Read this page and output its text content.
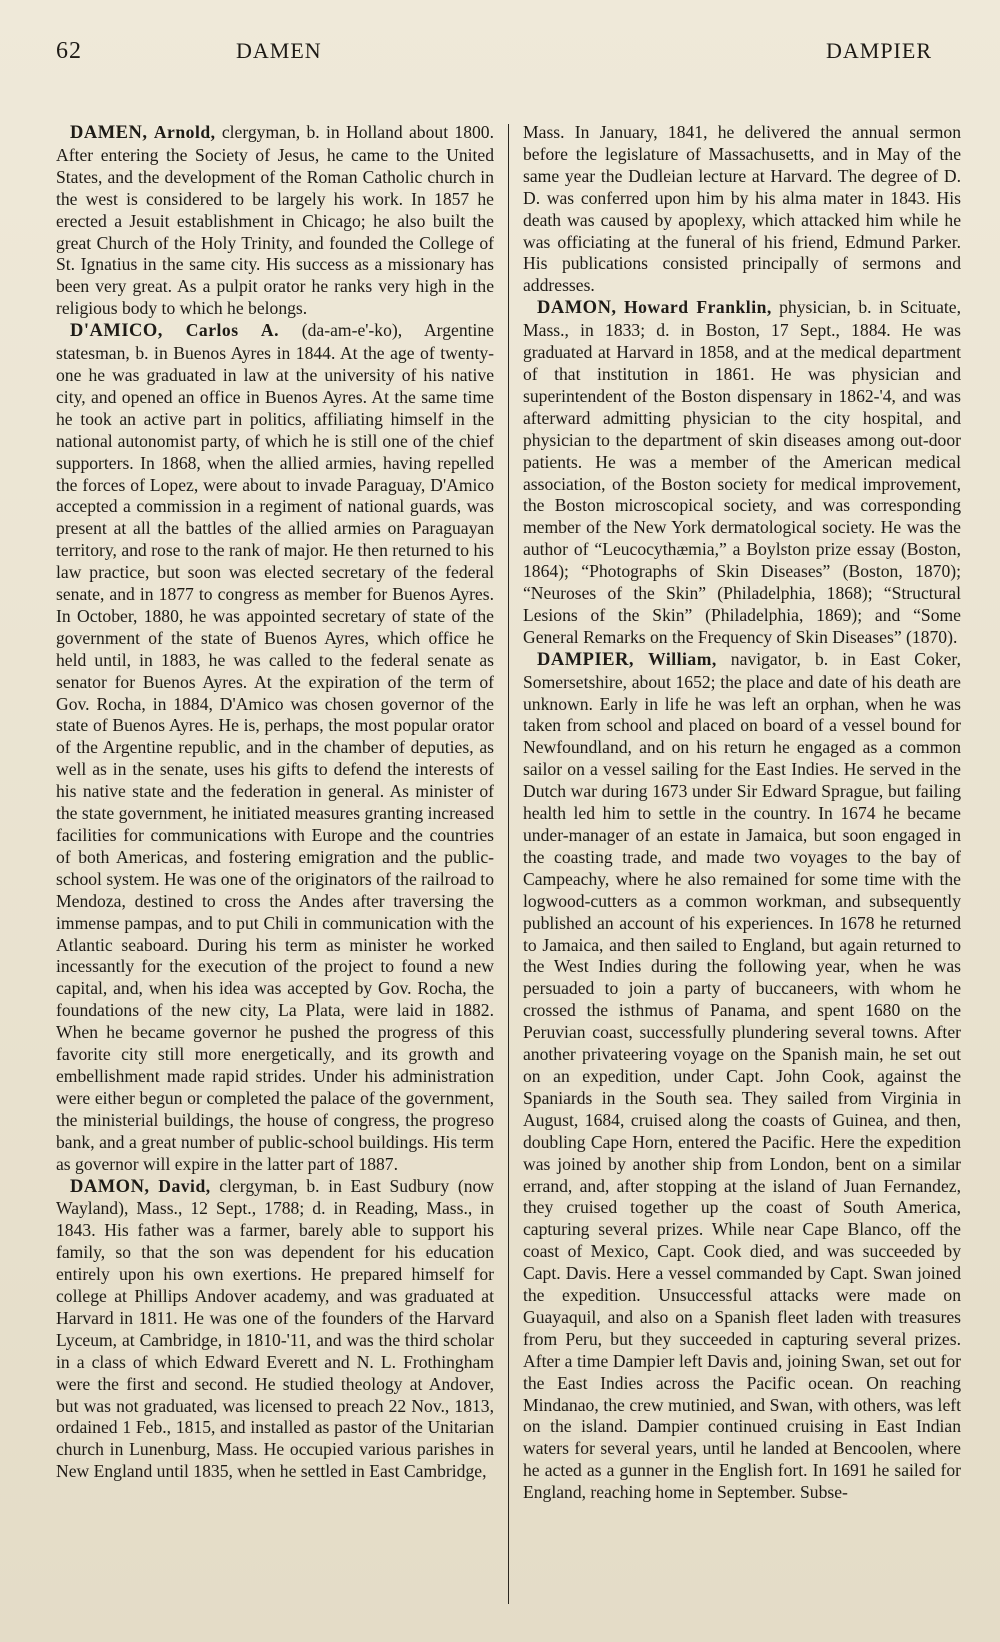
62	DAMEN	DAMPIER

DAMEN, Arnold, clergyman, b. in Holland about 1800. After entering the Society of Jesus, he came to the United States, and the development of the Roman Catholic church in the west is considered to be largely his work. In 1857 he erected a Jesuit establishment in Chicago; he also built the great Church of the Holy Trinity, and founded the College of St. Ignatius in the same city. His success as a missionary has been very great. As a pulpit orator he ranks very high in the religious body to which he belongs.

D'AMICO, Carlos A. (da-am-e'-ko), Argentine statesman, b. in Buenos Ayres in 1844. At the age of twenty-one he was graduated in law at the university of his native city, and opened an office in Buenos Ayres. At the same time he took an active part in politics, affiliating himself in the national autonomist party, of which he is still one of the chief supporters. In 1868, when the allied armies, having repelled the forces of Lopez, were about to invade Paraguay, D'Amico accepted a commission in a regiment of national guards, was present at all the battles of the allied armies on Paraguayan territory, and rose to the rank of major. He then returned to his law practice, but soon was elected secretary of the federal senate, and in 1877 to congress as member for Buenos Ayres. In October, 1880, he was appointed secretary of state of the government of the state of Buenos Ayres, which office he held until, in 1883, he was called to the federal senate as senator for Buenos Ayres. At the expiration of the term of Gov. Rocha, in 1884, D'Amico was chosen governor of the state of Buenos Ayres. He is, perhaps, the most popular orator of the Argentine republic, and in the chamber of deputies, as well as in the senate, uses his gifts to defend the interests of his native state and the federation in general. As minister of the state government, he initiated measures granting increased facilities for communications with Europe and the countries of both Americas, and fostering emigration and the public-school system. He was one of the originators of the railroad to Mendoza, destined to cross the Andes after traversing the immense pampas, and to put Chili in communication with the Atlantic seaboard. During his term as minister he worked incessantly for the execution of the project to found a new capital, and, when his idea was accepted by Gov. Rocha, the foundations of the new city, La Plata, were laid in 1882. When he became governor he pushed the progress of this favorite city still more energetically, and its growth and embellishment made rapid strides. Under his administration were either begun or completed the palace of the government, the ministerial buildings, the house of congress, the progreso bank, and a great number of public-school buildings. His term as governor will expire in the latter part of 1887.

DAMON, David, clergyman, b. in East Sudbury (now Wayland), Mass., 12 Sept., 1788; d. in Reading, Mass., in 1843. His father was a farmer, barely able to support his family, so that the son was dependent for his education entirely upon his own exertions. He prepared himself for college at Phillips Andover academy, and was graduated at Harvard in 1811. He was one of the founders of the Harvard Lyceum, at Cambridge, in 1810-'11, and was the third scholar in a class of which Edward Everett and N. L. Frothingham were the first and second. He studied theology at Andover, but was not graduated, was licensed to preach 22 Nov., 1813, ordained 1 Feb., 1815, and installed as pastor of the Unitarian church in Lunenburg, Mass. He occupied various parishes in New England until 1835, when he settled in East Cambridge,

Mass. In January, 1841, he delivered the annual sermon before the legislature of Massachusetts, and in May of the same year the Dudleian lecture at Harvard. The degree of D. D. was conferred upon him by his alma mater in 1843. His death was caused by apoplexy, which attacked him while he was officiating at the funeral of his friend, Edmund Parker. His publications consisted principally of sermons and addresses.

DAMON, Howard Franklin, physician, b. in Scituate, Mass., in 1833; d. in Boston, 17 Sept., 1884. He was graduated at Harvard in 1858, and at the medical department of that institution in 1861. He was physician and superintendent of the Boston dispensary in 1862-'4, and was afterward admitting physician to the city hospital, and physician to the department of skin diseases among out-door patients. He was a member of the American medical association, of the Boston society for medical improvement, the Boston microscopical society, and was corresponding member of the New York dermatological society. He was the author of “Leucocythæmia,” a Boylston prize essay (Boston, 1864); “Photographs of Skin Diseases” (Boston, 1870); “Neuroses of the Skin” (Philadelphia, 1868); “Structural Lesions of the Skin” (Philadelphia, 1869); and “Some General Remarks on the Frequency of Skin Diseases” (1870).

DAMPIER, William, navigator, b. in East Coker, Somersetshire, about 1652; the place and date of his death are unknown. Early in life he was left an orphan, when he was taken from school and placed on board of a vessel bound for Newfoundland, and on his return he engaged as a common sailor on a vessel sailing for the East Indies. He served in the Dutch war during 1673 under Sir Edward Sprague, but failing health led him to settle in the country. In 1674 he became under-manager of an estate in Jamaica, but soon engaged in the coasting trade, and made two voyages to the bay of Campeachy, where he also remained for some time with the logwood-cutters as a common workman, and subsequently published an account of his experiences. In 1678 he returned to Jamaica, and then sailed to England, but again returned to the West Indies during the following year, when he was persuaded to join a party of buccaneers, with whom he crossed the isthmus of Panama, and spent 1680 on the Peruvian coast, successfully plundering several towns. After another privateering voyage on the Spanish main, he set out on an expedition, under Capt. John Cook, against the Spaniards in the South sea. They sailed from Virginia in August, 1684, cruised along the coasts of Guinea, and then, doubling Cape Horn, entered the Pacific. Here the expedition was joined by another ship from London, bent on a similar errand, and, after stopping at the island of Juan Fernandez, they cruised together up the coast of South America, capturing several prizes. While near Cape Blanco, off the coast of Mexico, Capt. Cook died, and was succeeded by Capt. Davis. Here a vessel commanded by Capt. Swan joined the expedition. Unsuccessful attacks were made on Guayaquil, and also on a Spanish fleet laden with treasures from Peru, but they succeeded in capturing several prizes. After a time Dampier left Davis and, joining Swan, set out for the East Indies across the Pacific ocean. On reaching Mindanao, the crew mutinied, and Swan, with others, was left on the island. Dampier continued cruising in East Indian waters for several years, until he landed at Bencoolen, where he acted as a gunner in the English fort. In 1691 he sailed for England, reaching home in September. Subse-
